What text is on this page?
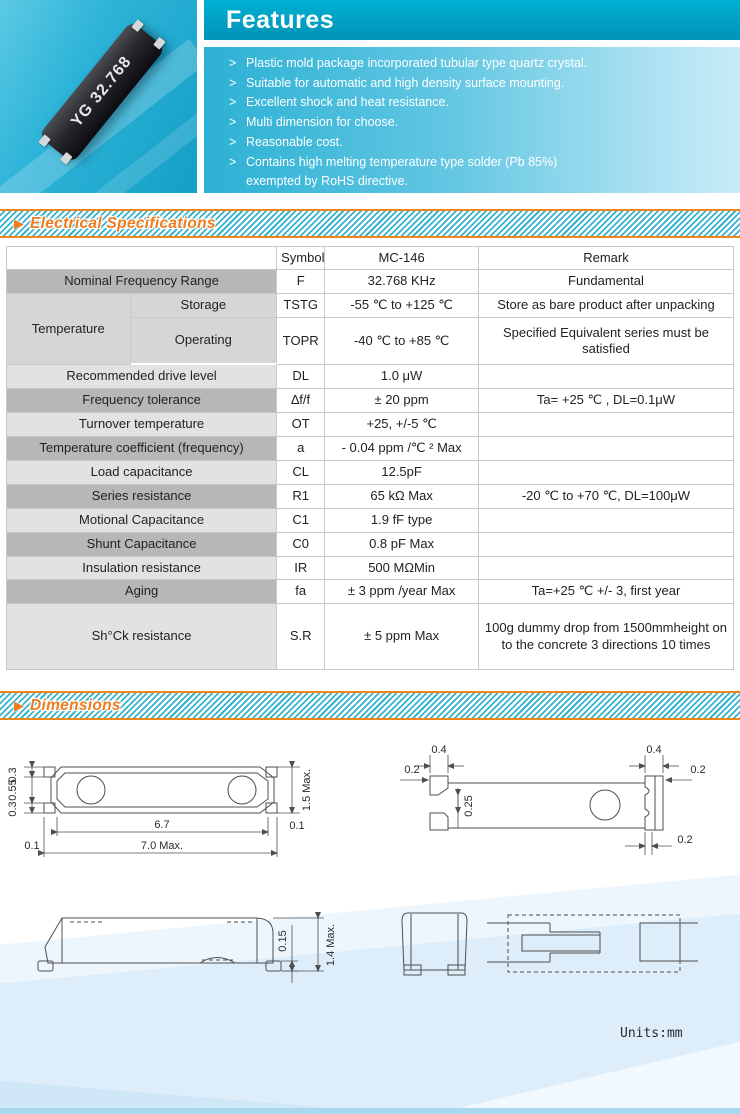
YG 32.768
Features
> Plastic mold package incorporated tubular type quartz crystal.
> Suitable for automatic and high density surface mounting.
> Excellent shock and heat resistance.
> Multi dimension for choose.
> Reasonable cost.
> Contains high melting temperature type solder (Pb 85%)
exempted by RoHS directive.
▶ Electrical Specifications
Item		Symbol	MC-146	Remark
Nominal Frequency Range		F	32.768 KHz	Fundamental
Temperature	Storage	TSTG	-55 ℃ to +125 ℃	Store as bare product after unpacking
	Operating	TOPR	-40 ℃ to +85 ℃	Specified Equivalent series must be satisfied
Recommended drive level		DL	1.0 μW	
Frequency tolerance		∆f/f	± 20 ppm	Ta= +25 ℃ , DL=0.1μW
Turnover temperature		OT	+25, +/-5 ℃	
Temperature coefficient (frequency)		a	- 0.04 ppm /℃ ² Max	
Load capacitance		CL	12.5pF	
Series resistance		R1	65 kΩ Max	-20 ℃ to +70 ℃, DL=100μW
Motional Capacitance		C1	1.9 fF type	
Shunt Capacitance		C0	0.8 pF Max	
Insulation resistance		IR	500 MΩMin	
Aging		fa	± 3 ppm /year Max	Ta=+25 ℃ +/- 3, first year
Sh°Ck resistance		S.R	± 5 ppm Max	100g dummy drop from 1500mmheight on to the concrete 3 directions 10 times
▶ Dimensions
0.3
0.55
0.3
6.7
7.0 Max.
0.1
0.1
1.5 Max.
0.4
0.2
0.25
0.4
0.2
0.2
0.15	1.4 Max.
Units:mm
